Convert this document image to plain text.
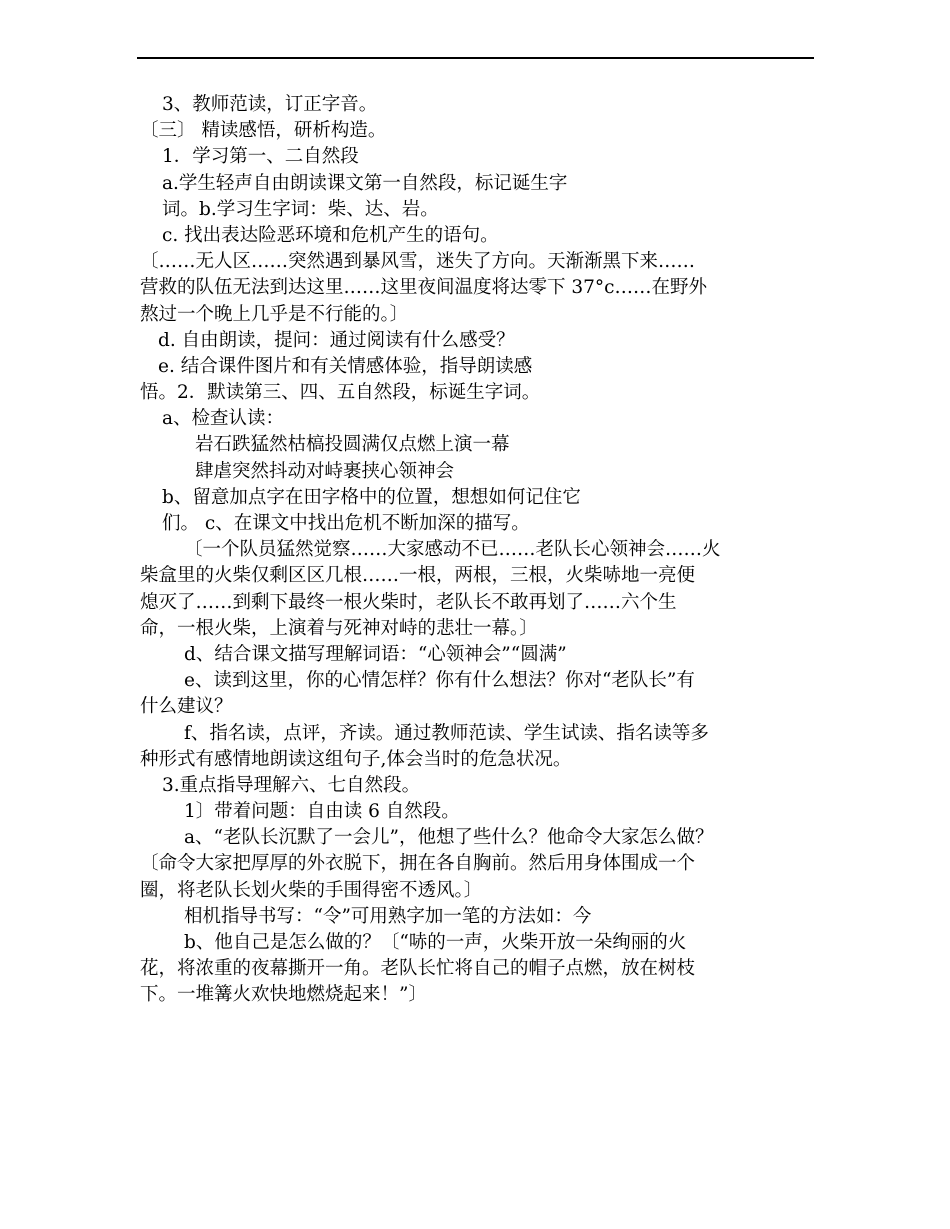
3、教师范读，订正字音。
〔三〕 精读感悟，研析构造。
1．学习第一、二自然段
a.学生轻声自由朗读课文第一自然段，标记诞生字
词。b.学习生字词：柴、达、岩。
c. 找出表达险恶环境和危机产生的语句。
〔……无人区……突然遇到暴风雪，迷失了方向。天渐渐黑下来……
营救的队伍无法到达这里……这里夜间温度将达零下 37°c……在野外
熬过一个晚上几乎是不行能的。〕
d. 自由朗读，提问：通过阅读有什么感受？
e. 结合课件图片和有关情感体验，指导朗读感
悟。2．默读第三、四、五自然段，标诞生字词。
a、检查认读：
岩石跌猛然枯槁投圆满仅点燃上演一幕
肆虐突然抖动对峙裹挟心领神会
b、留意加点字在田字格中的位置，想想如何记住它
们。 c、在课文中找出危机不断加深的描写。
〔一个队员猛然觉察……大家感动不已……老队长心领神会……火
柴盒里的火柴仅剩区区几根……一根，两根，三根，火柴哧地一亮便
熄灭了……到剩下最终一根火柴时，老队长不敢再划了……六个生
命，一根火柴，上演着与死神对峙的悲壮一幕。〕
d、结合课文描写理解词语：“心领神会”“圆满”
e、读到这里，你的心情怎样？你有什么想法？你对“老队长”有
什么建议？
f、指名读，点评，齐读。通过教师范读、学生试读、指名读等多
种形式有感情地朗读这组句子,体会当时的危急状况。
3.重点指导理解六、七自然段。
1〕带着问题：自由读 6 自然段。
a、“老队长沉默了一会儿”，他想了些什么？他命令大家怎么做？
〔命令大家把厚厚的外衣脱下，拥在各自胸前。然后用身体围成一个
圈，将老队长划火柴的手围得密不透风。〕
相机指导书写：“令”可用熟字加一笔的方法如：今
b、他自己是怎么做的？〔“哧的一声，火柴开放一朵绚丽的火
花，将浓重的夜幕撕开一角。老队长忙将自己的帽子点燃，放在树枝
下。一堆篝火欢快地燃烧起来！”〕
